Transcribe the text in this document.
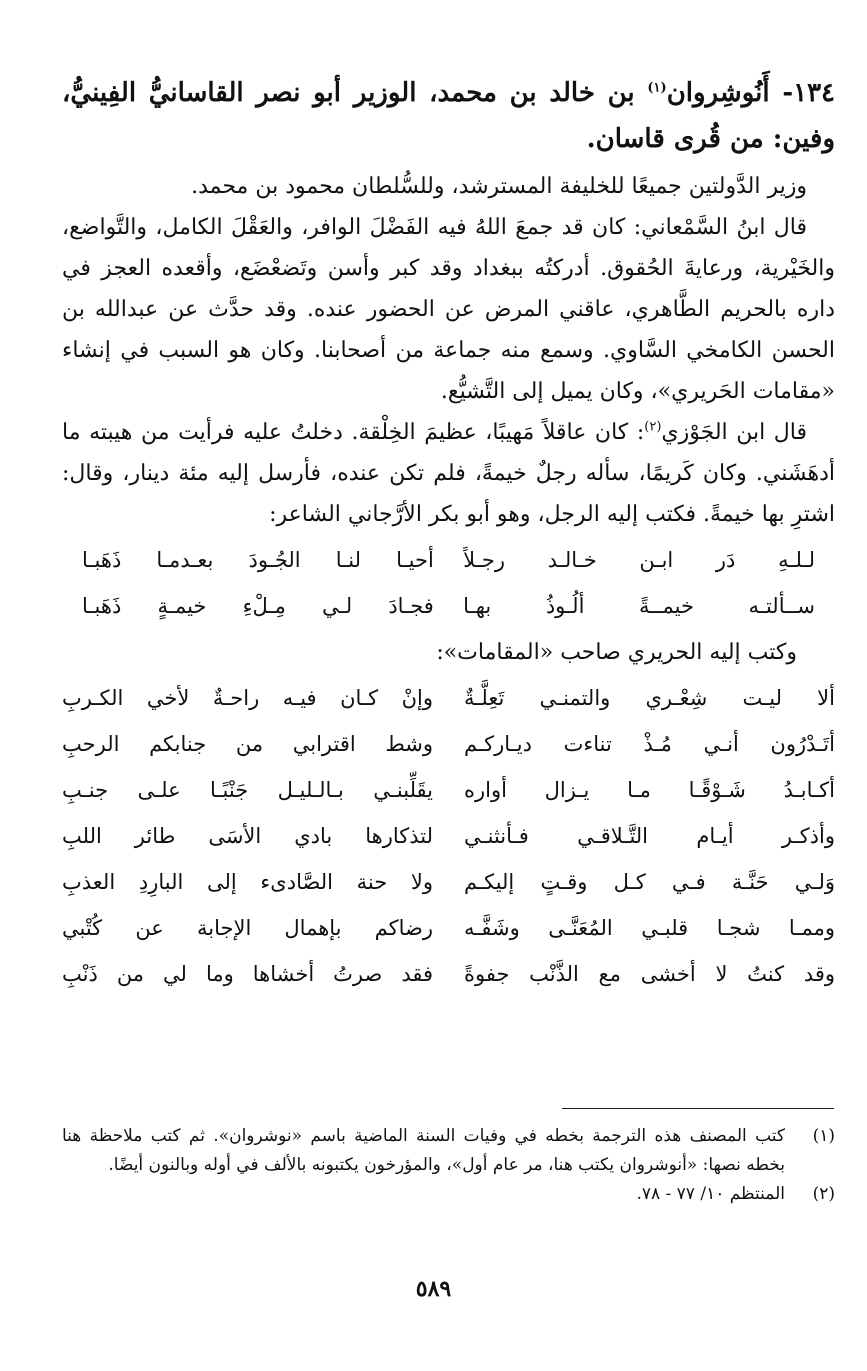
١٣٤- أَنُوشِروان$^{(١)}$ بن خالد بن محمد، الوزير أبو نصر القاسانيُّ الفِينيُّ، وفين: من قُرى قاسان.

وزير الدَّولتين جميعًا للخليفة المسترشد، وللسُّلطان محمود بن محمد.

قال ابنُ السَّمْعاني: كان قد جمعَ اللهُ فيه الفَضْلَ الوافر، والعَقْلَ الكامل، والتَّواضع، والخَيْرية، ورعايةَ الحُقوق. أدركتُه ببغداد وقد كبر وأسن وتَضعْضَع، وأقعده العجز في داره بالحريم الطَّاهري، عاقني المرض عن الحضور عنده. وقد حدَّث عن عبدالله بن الحسن الكامخي السَّاوي. وسمع منه جماعة من أصحابنا. وكان هو السبب في إنشاء «مقامات الحَريري»، وكان يميل إلى التَّشيُّع.

قال ابن الجَوْزي$^{(٢)}$: كان عاقلاً مَهيبًا، عظيمَ الخِلْقة. دخلتُ عليه فرأيت من هيبته ما أدهَشَني. وكان كَريمًا، سأله رجلٌ خيمةً، فلم تكن عنده، فأرسل إليه مئة دينار، وقال: اشترِ بها خيمةً. فكتب إليه الرجل، وهو أبو بكر الأرَّجاني الشاعر:

لـلـهِ دَر ابـن خـالـد رجـلاً
أحيـا لنـا الجُـودَ بعـدمـا ذَهَبـا
ســألتـه خيمــةً ألُـوذُ بهـا
فجـادَ لـي مِـلْءِ خيمـةٍ ذَهَبـا

وكتب إليه الحريري صاحب «المقامات»:

ألا ليـت شِعْـري والتمنـي تَعِلَّـةٌ
وإنْ كـان فيـه راحـةٌ لأخي الكـربِ
أتَـدْرُون أنـي مُـذْ تناءت ديـاركـم
وشط اقترابي من جنابكم الرحبِ
أكـابـدُ شَـوْقًـا مـا يـزال أواره
يقَلِّبنـي بـالـليـل جَنْبًـا علـى جنـبِ
وأذكـر أيـام التَّـلاقـي فـأنثنـي
لتذكارها بادي الأسَى طائر اللبِ
وَلـي حَنَّـة فـي كـل وقـتٍ إليكـم
ولا حنة الصَّادىء إلى البارِدِ العذبِ
وممـا شجـا قلبـي المُعَنَّـى وشَفَّـه
رضاكم بإهمال الإجابة عن كُتْبي
وقد كنتُ لا أخشى مع الذَّنْب جفوةً
فقد صرتُ أخشاها وما لي من ذَنْبِ
(١)
كتب المصنف هذه الترجمة بخطه في وفيات السنة الماضية باسم «نوشروان». ثم كتب ملاحظة هنا بخطه نصها: «أنوشروان يكتب هنا، مر عام أول»، والمؤرخون يكتبونه بالألف في أوله وبالنون أيضًا.
(٢)
المنتظم ١٠/ ٧٧ - ٧٨.
٥٨٩
